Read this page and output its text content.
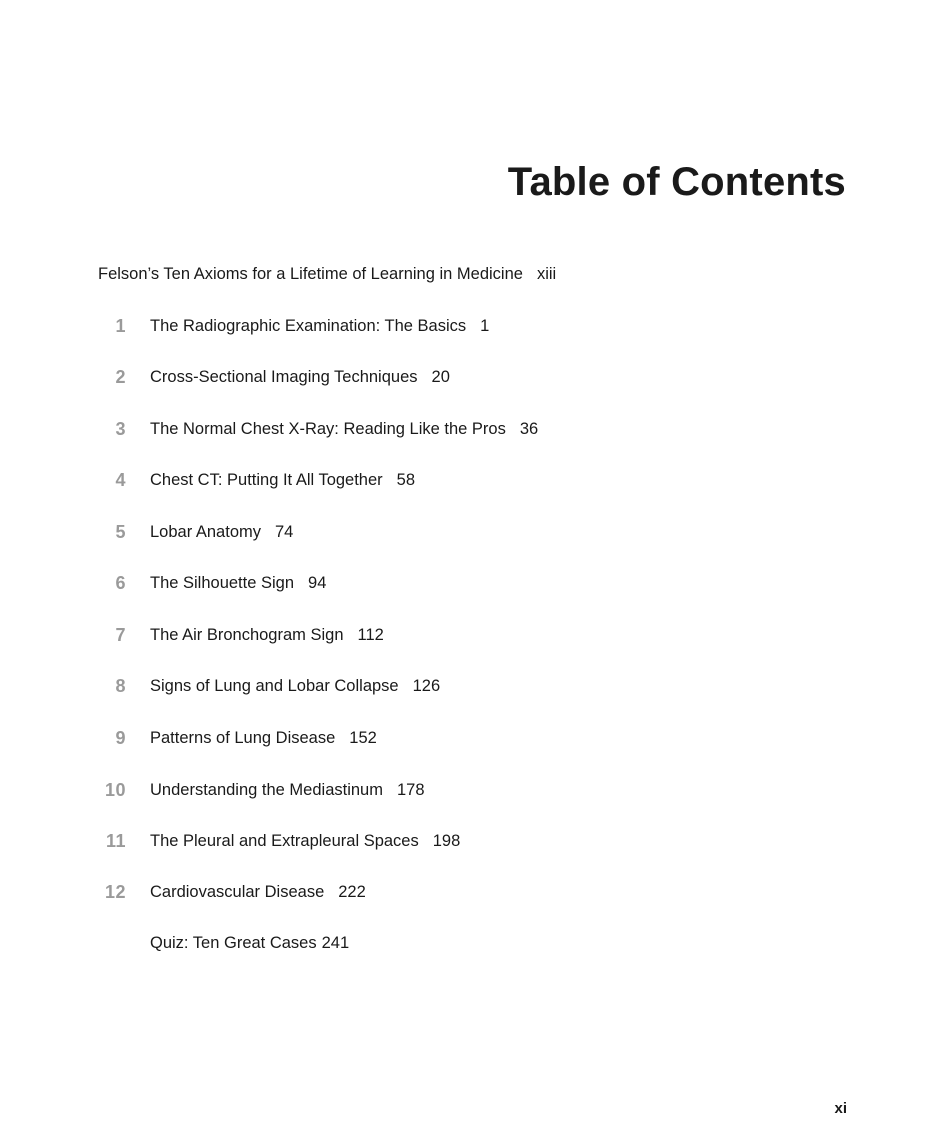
Table of Contents
Felson’s Ten Axioms for a Lifetime of Learning in Medicine xiii
1 The Radiographic Examination: The Basics 1
2 Cross-Sectional Imaging Techniques 20
3 The Normal Chest X-Ray: Reading Like the Pros 36
4 Chest CT: Putting It All Together 58
5 Lobar Anatomy 74
6 The Silhouette Sign 94
7 The Air Bronchogram Sign 112
8 Signs of Lung and Lobar Collapse 126
9 Patterns of Lung Disease 152
10 Understanding the Mediastinum 178
11 The Pleural and Extrapleural Spaces 198
12 Cardiovascular Disease 222
Quiz: Ten Great Cases 241
xi
